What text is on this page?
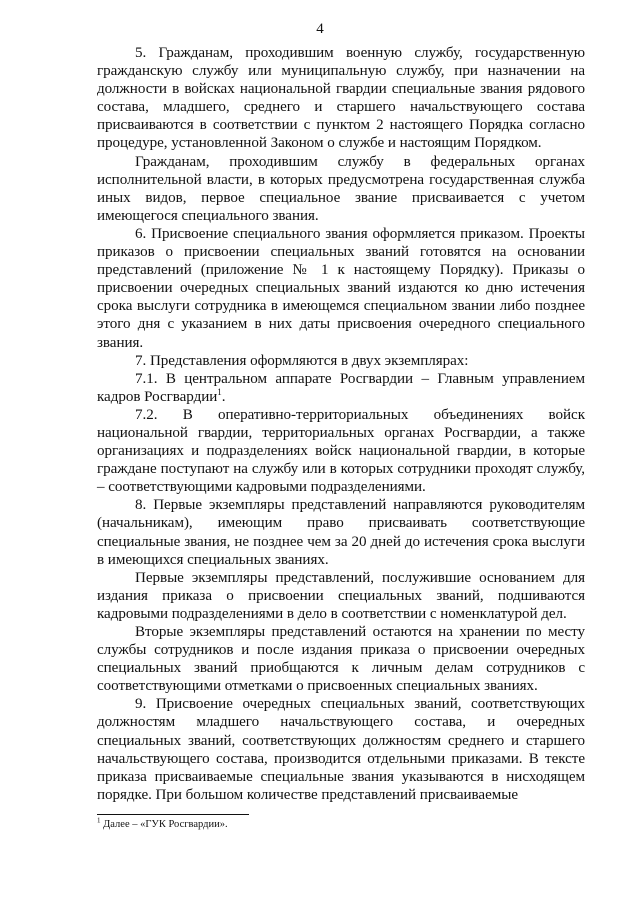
4

5. Гражданам, проходившим военную службу, государственную гражданскую службу или муниципальную службу, при назначении на должности в войсках национальной гвардии специальные звания рядового состава, младшего, среднего и старшего начальствующего состава присваиваются в соответствии с пунктом 2 настоящего Порядка согласно процедуре, установленной Законом о службе и настоящим Порядком.

Гражданам, проходившим службу в федеральных органах исполнительной власти, в которых предусмотрена государственная служба иных видов, первое специальное звание присваивается с учетом имеющегося специального звания.

6. Присвоение специального звания оформляется приказом. Проекты приказов о присвоении специальных званий готовятся на основании представлений (приложение № 1 к настоящему Порядку). Приказы о присвоении очередных специальных званий издаются ко дню истечения срока выслуги сотрудника в имеющемся специальном звании либо позднее этого дня с указанием в них даты присвоения очередного специального звания.

7. Представления оформляются в двух экземплярах:

7.1. В центральном аппарате Росгвардии – Главным управлением кадров Росгвардии$^1$.

7.2. В оперативно-территориальных объединениях войск национальной гвардии, территориальных органах Росгвардии, а также организациях и подразделениях войск национальной гвардии, в которые граждане поступают на службу или в которых сотрудники проходят службу, – соответствующими кадровыми подразделениями.

8. Первые экземпляры представлений направляются руководителям (начальникам), имеющим право присваивать соответствующие специальные звания, не позднее чем за 20 дней до истечения срока выслуги в имеющихся специальных званиях.

Первые экземпляры представлений, послужившие основанием для издания приказа о присвоении специальных званий, подшиваются кадровыми подразделениями в дело в соответствии с номенклатурой дел.

Вторые экземпляры представлений остаются на хранении по месту службы сотрудников и после издания приказа о присвоении очередных специальных званий приобщаются к личным делам сотрудников с соответствующими отметками о присвоенных специальных званиях.

9. Присвоение очередных специальных званий, соответствующих должностям младшего начальствующего состава, и очередных специальных званий, соответствующих должностям среднего и старшего начальствующего состава, производится отдельными приказами. В тексте приказа присваиваемые специальные звания указываются в нисходящем порядке. При большом количестве представлений присваиваемые

$^1$ Далее – «ГУК Росгвардии».
